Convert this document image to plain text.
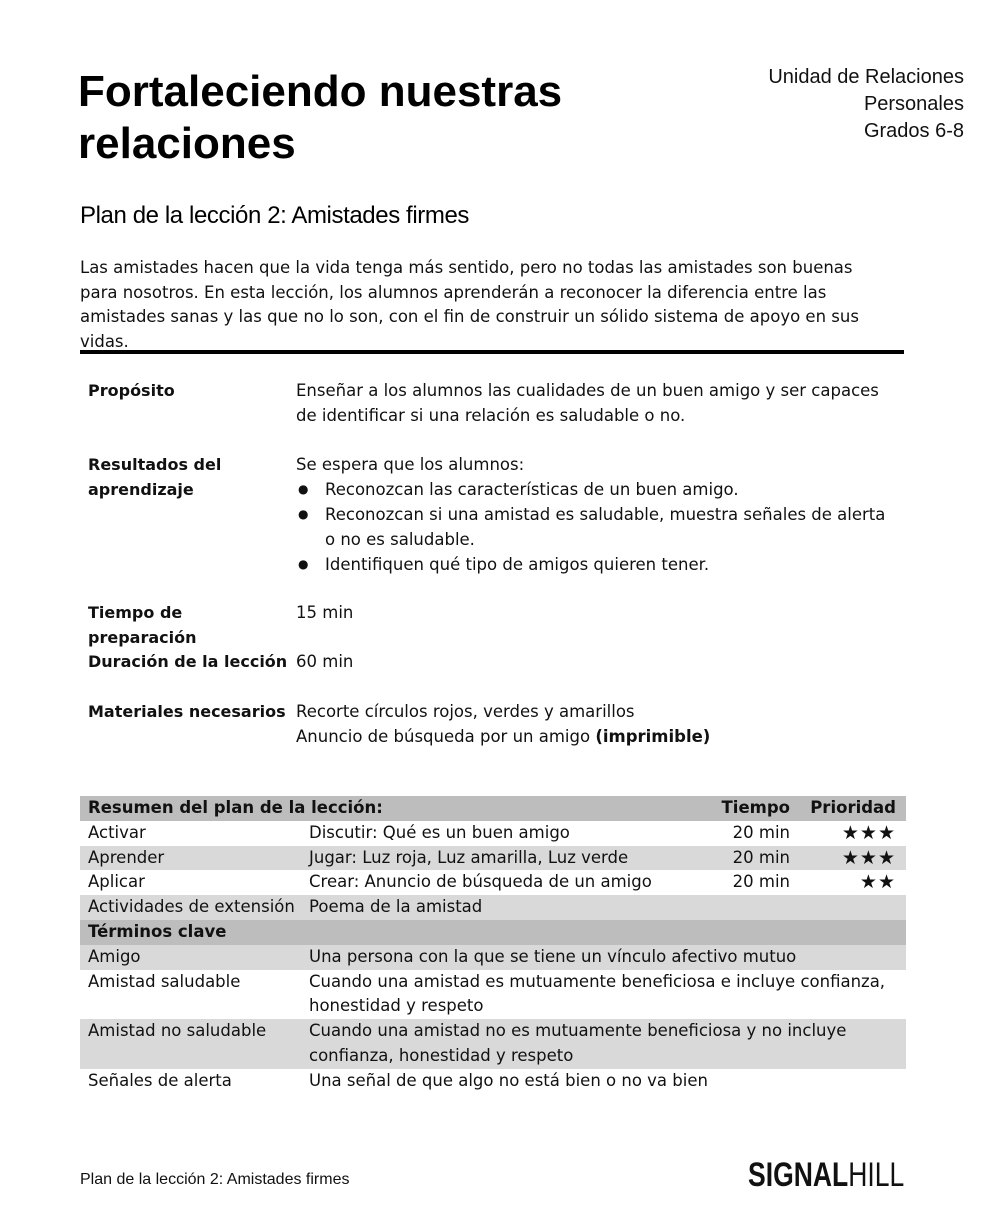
Fortaleciendo nuestras relaciones
Unidad de Relaciones
Personales
Grados 6-8
Plan de la lección 2: Amistades firmes

Las amistades hacen que la vida tenga más sentido, pero no todas las amistades son buenas para nosotros. En esta lección, los alumnos aprenderán a reconocer la diferencia entre las amistades sanas y las que no lo son, con el fin de construir un sólido sistema de apoyo en sus vidas.

Propósito	Enseñar a los alumnos las cualidades de un buen amigo y ser capaces de identificar si una relación es saludable o no.
Resultados del aprendizaje
Se espera que los alumnos:
● Reconozcan las características de un buen amigo.
● Reconozcan si una amistad es saludable, muestra señales de alerta o no es saludable.
● Identifiquen qué tipo de amigos quieren tener.
Tiempo de preparación
15 min
Duración de la lección 60 min
Materiales necesarios Recorte círculos rojos, verdes y amarillos
Anuncio de búsqueda por un amigo (imprimible)
Resumen del plan de la lección:	Tiempo	Prioridad
Activar	Discutir: Qué es un buen amigo	20 min	★★★
Aprender	Jugar: Luz roja, Luz amarilla, Luz verde	20 min	★★★
Aplicar	Crear: Anuncio de búsqueda de un amigo	20 min	★★
Actividades de extensión Poema de la amistad
Términos clave
Amigo	Una persona con la que se tiene un vínculo afectivo mutuo
Amistad saludable	Cuando una amistad es mutuamente beneficiosa e incluye confianza, honestidad y respeto
Amistad no saludable	Cuando una amistad no es mutuamente beneficiosa y no incluye confianza, honestidad y respeto
Señales de alerta	Una señal de que algo no está bien o no va bien
Plan de la lección 2: Amistades firmes	SIGNALHILL
